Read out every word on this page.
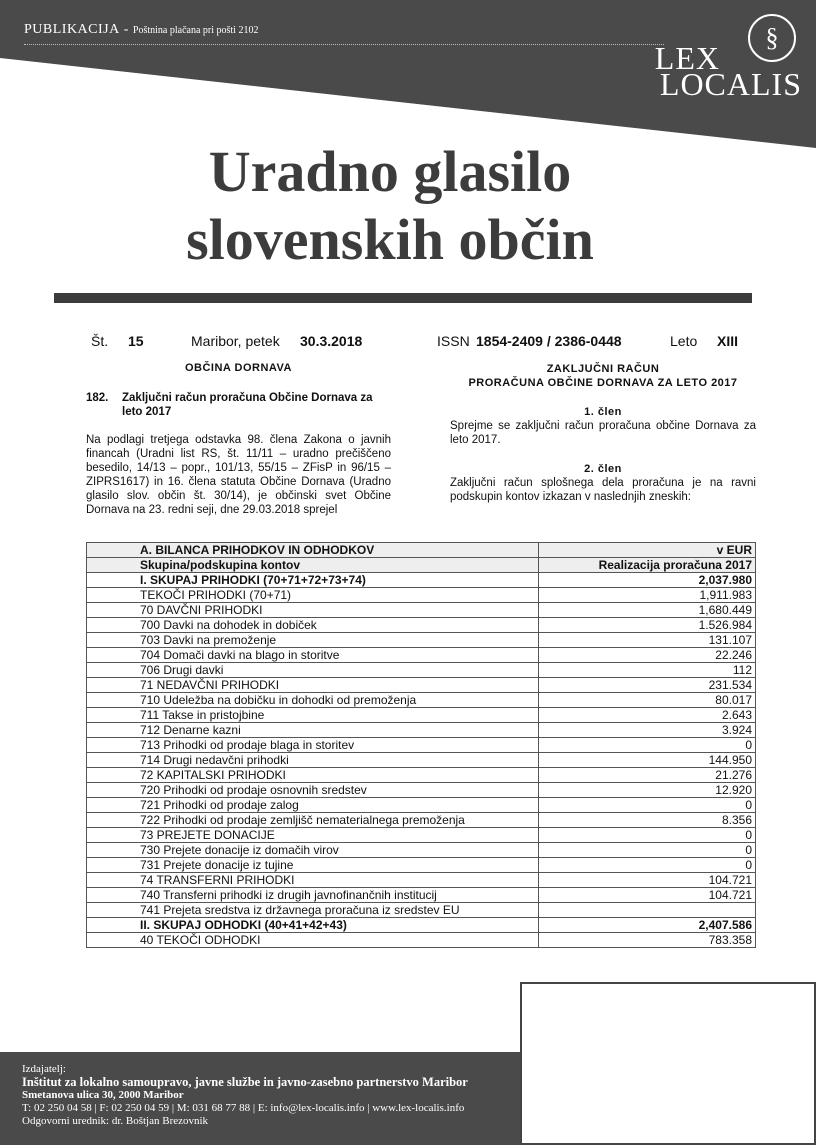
PUBLIKACIJA - Poštnina plačana pri pošti 2102	§
LEX
LOCALIS
Uradno glasilo
slovenskih občin
Št. 15	Maribor, petek 30.3.2018	ISSN 1854-2409 / 2386-0448	Leto XIII
OBČINA DORNAVA
182.	Zaključni račun proračuna Občine Dornava za leto 2017
Na podlagi tretjega odstavka 98. člena Zakona o javnih financah (Uradni list RS, št. 11/11 – uradno prečiščeno besedilo, 14/13 – popr., 101/13, 55/15 – ZFisP in 96/15 – ZIPRS1617) in 16. člena statuta Občine Dornava (Uradno glasilo slov. občin št. 30/14), je občinski svet Občine Dornava na 23. redni seji, dne 29.03.2018 sprejel
ZAKLJUČNI RAČUN
PRORAČUNA OBČINE DORNAVA ZA LETO 2017
1. člen
Sprejme se zaključni račun proračuna občine Dornava za leto 2017.
2. člen
Zaključni račun splošnega dela proračuna je na ravni podskupin kontov izkazan v naslednjih zneskih:
A. BILANCA PRIHODKOV IN ODHODKOV	v EUR
Skupina/podskupina kontov	Realizacija proračuna 2017
I. SKUPAJ PRIHODKI (70+71+72+73+74)	2,037.980
TEKOČI PRIHODKI (70+71)	1,911.983
70 DAVČNI PRIHODKI	1,680.449
700 Davki na dohodek in dobiček	1.526.984
703 Davki na premoženje	131.107
704 Domači davki na blago in storitve	22.246
706 Drugi davki	112
71 NEDAVČNI PRIHODKI	231.534
710 Udeležba na dobičku in dohodki od premoženja	80.017
711 Takse in pristojbine	2.643
712 Denarne kazni	3.924
713 Prihodki od prodaje blaga in storitev	0
714 Drugi nedavčni prihodki	144.950
72 KAPITALSKI PRIHODKI	21.276
720 Prihodki od prodaje osnovnih sredstev	12.920
721 Prihodki od prodaje zalog	0
722 Prihodki od prodaje zemljišč nematerialnega premoženja	8.356
73 PREJETE DONACIJE	0
730 Prejete donacije iz domačih virov	0
731 Prejete donacije iz tujine	0
74 TRANSFERNI PRIHODKI	104.721
740 Transferni prihodki iz drugih javnofinančnih institucij	104.721
741 Prejeta sredstva iz državnega proračuna iz sredstev EU	
II. SKUPAJ ODHODKI (40+41+42+43)	2,407.586
40 TEKOČI ODHODKI	783.358
Izdajatelj:
Inštitut za lokalno samoupravo, javne službe in javno-zasebno partnerstvo Maribor
Smetanova ulica 30, 2000 Maribor
T: 02 250 04 58 | F: 02 250 04 59 | M: 031 68 77 88 | E: info@lex-localis.info | www.lex-localis.info
Odgovorni urednik: dr. Boštjan Brezovnik
